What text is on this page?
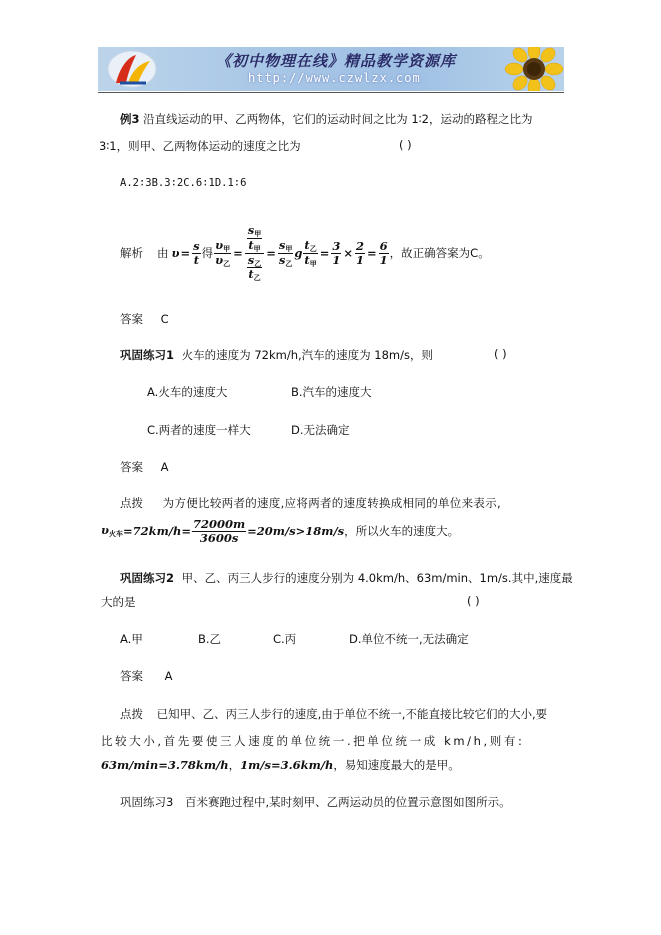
《初中物理在线》精品教学资源库
http://www.czwlzx.com
例3 沿直线运动的甲、乙两物体，它们的运动时间之比为 1∶2，运动的路程之比为
3∶1，则甲、乙两物体运动的速度之比为	( )
A.2∶3B.3∶2C.6∶1D.1∶6
解析 由 $\upsilon = \frac{s}{t}$ 得 $\frac{\upsilon_甲}{\upsilon_乙} = \frac{\frac{s_甲}{t_甲}}{\frac{s_乙}{t_乙}} = \frac{s_甲}{s_乙}$ g $\frac{t_乙}{t_甲} = \frac{3}{1} \times \frac{2}{1} = \frac{6}{1}$ ，故正确答案为C。
答案 C
巩固练习1 火车的速度为 72km/h,汽车的速度为 18m/s，则	( )
A.火车的速度大	B.汽车的速度大
C.两者的速度一样大	D.无法确定
答案 A
点拨 为方便比较两者的速度,应将两者的速度转换成相同的单位来表示,
$\upsilon_{火车} =72km/h= \frac{72000m}{3600s} =20m/s>18m/s$ ，所以火车的速度大。
巩固练习2 甲、乙、丙三人步行的速度分别为 4.0km/h、63m/min、1m/s.其中,速度最
大的是	( )
A.甲	B.乙	C.丙	D.单位不统一,无法确定
答案 A
点拨 已知甲、乙、丙三人步行的速度,由于单位不统一,不能直接比较它们的大小,要
比较大小,首先要使三人速度的单位统一.把单位统一成 km/h,则有:
63m/min=3.78km/h，1m/s=3.6km/h，易知速度最大的是甲。
巩固练习3 百米赛跑过程中,某时刻甲、乙两运动员的位置示意图如图所示。
